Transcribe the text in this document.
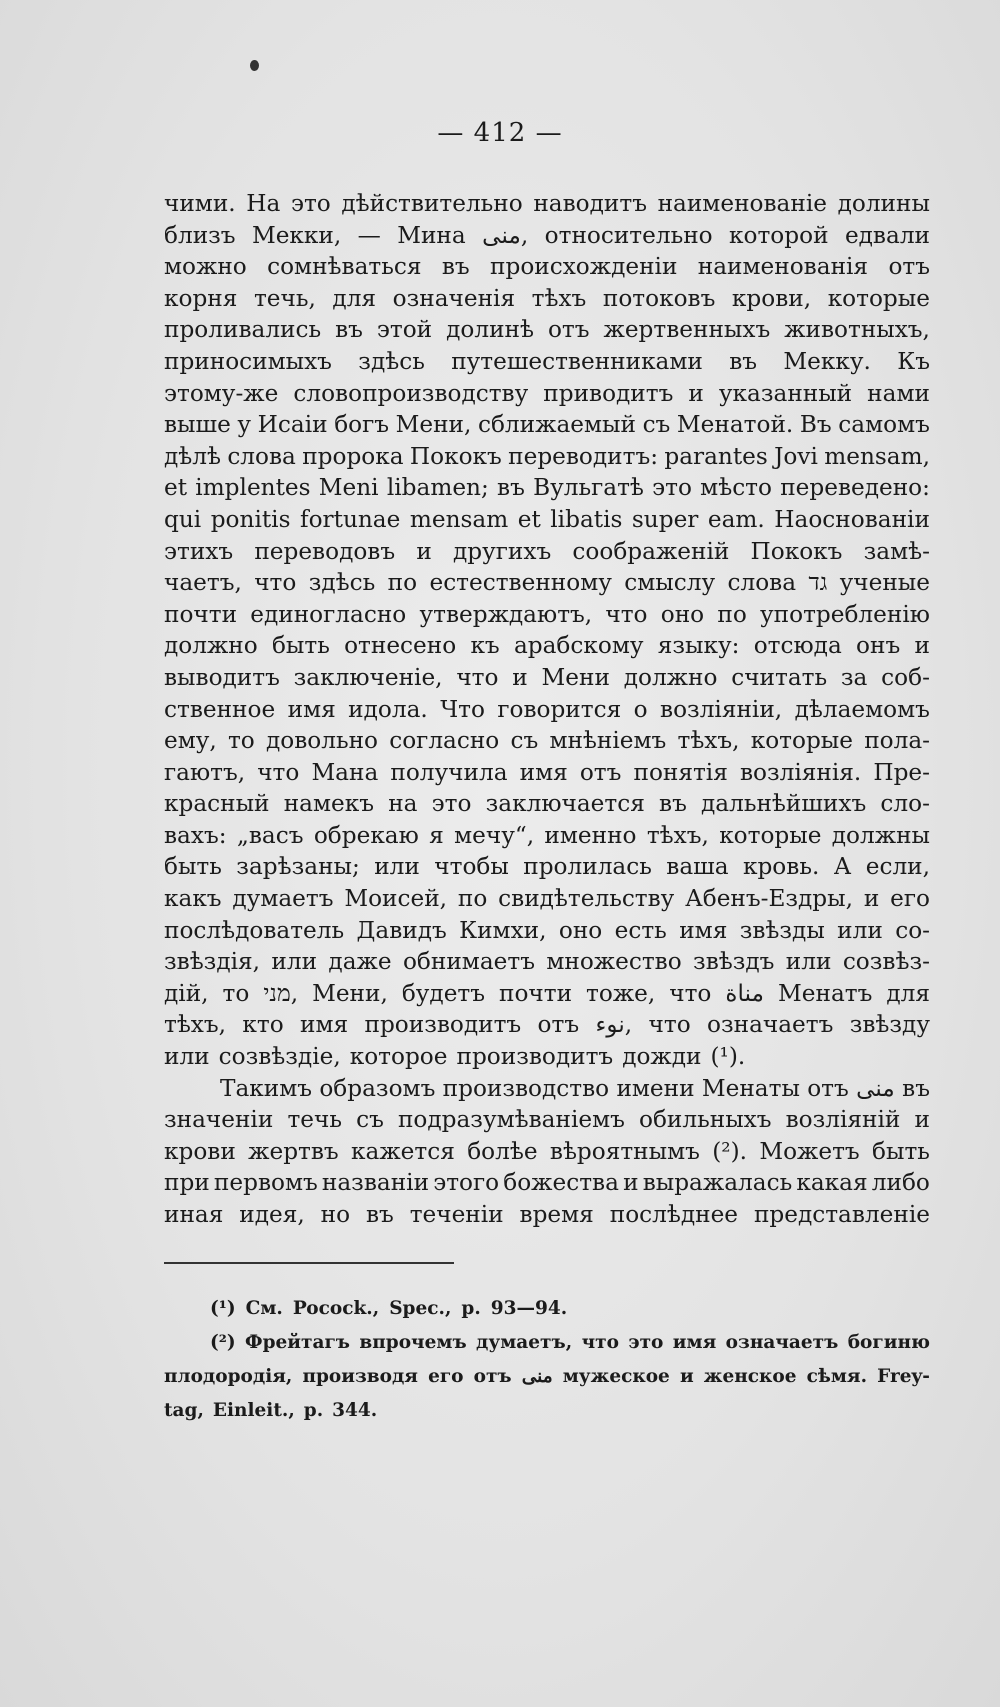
— 412 —
чими. На это дѣйствительно наводитъ наименованіе долины
близъ Мекки, — Мина منى, относительно которой едвали
можно сомнѣваться въ происхожденіи наименованія отъ
корня течь, для означенія тѣхъ потоковъ крови, которые
проливались въ этой долинѣ отъ жертвенныхъ животныхъ,
приносимыхъ здѣсь путешественниками въ Мекку. Къ
этому-же словопроизводству приводитъ и указанный нами
выше у Исаіи богъ Мени, сближаемый съ Менатой. Въ самомъ
дѣлѣ слова пророка Пококъ переводитъ: parantes Jovi mensam,
et implentes Meni libamen; въ Вульгатѣ это мѣсто переведено:
qui ponitis fortunae mensam et libatis super eam. Наоснованіи
этихъ переводовъ и другихъ соображеній Пококъ замѣ-
чаетъ, что здѣсь по естественному смыслу слова גד ученые
почти единогласно утверждаютъ, что оно по употребленію
должно быть отнесено къ арабскому языку: отсюда онъ и
выводитъ заключеніе, что и Мени должно считать за соб-
ственное имя идола. Что говорится о возліяніи, дѣлаемомъ
ему, то довольно согласно съ мнѣніемъ тѣхъ, которые пола-
гаютъ, что Мана получила имя отъ понятія возліянія. Пре-
красный намекъ на это заключается въ дальнѣйшихъ сло-
вахъ: „васъ обрекаю я мечу“, именно тѣхъ, которые должны
быть зарѣзаны; или чтобы пролилась ваша кровь. А если,
какъ думаетъ Моисей, по свидѣтельству Абенъ-Ездры, и его
послѣдователь Давидъ Кимхи, оно есть имя звѣзды или со-
звѣздія, или даже обнимаетъ множество звѣздъ или созвѣз-
дій, то מני, Мени, будетъ почти тоже, что مناة Менатъ для
тѣхъ, кто имя производитъ отъ نوء, что означаетъ звѣзду
или созвѣздіе, которое производитъ дожди (¹).
Такимъ образомъ производство имени Менаты отъ منى въ
значеніи течь съ подразумѣваніемъ обильныхъ возліяній и
крови жертвъ кажется болѣе вѣроятнымъ (²). Можетъ быть
при первомъ названіи этого божества и выражалась какая либо
иная идея, но въ теченіи время послѣднее представленіе
(¹) См. Pocock., Spec., p. 93—94.
(²) Фрейтагъ впрочемъ думаетъ, что это имя означаетъ богиню
плодородія, производя его отъ منى мужеское и женское сѣмя. Frey-
tag, Einleit., p. 344.
